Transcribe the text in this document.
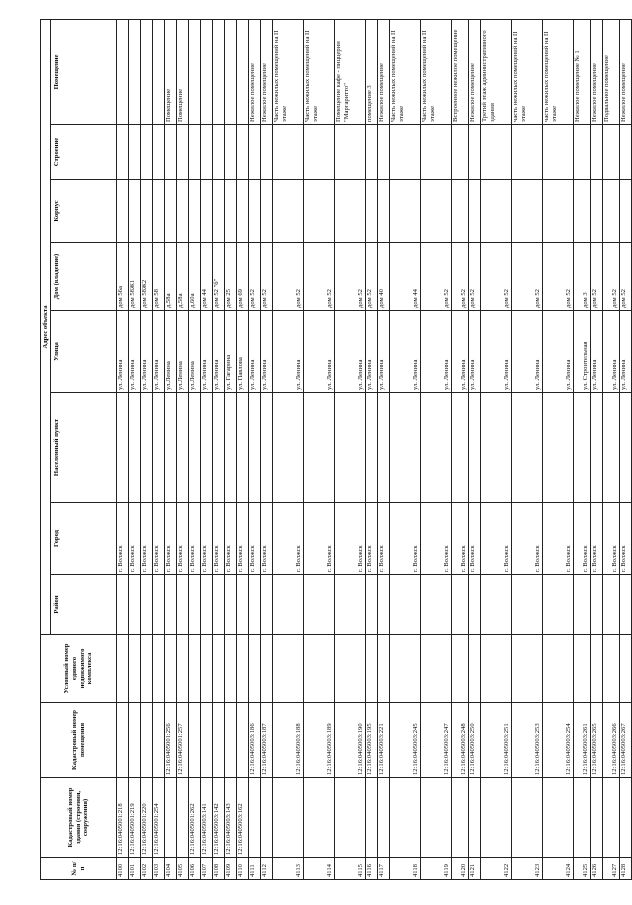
№ п/п	Кадастровый номер здания (строения, сооружения)	Кадастровый номер помещения	Условный номер единого недвижимого комплекса	Адрес объекта							
				Район	Город	Населенный пункт	Улица	Дом (владение)	Корпус	Строение	Помещение
4100	12:16:0405001:218				г. Волжск		ул. Ленина	дом 56а			
4101	12:16:0405001:219				г. Волжск		ул. Ленина	дом 58Ж1			
4102	12:16:0405001:220				г. Волжск		ул. Ленина	дом 58Ж2			
4103	12:16:0405001:254				г. Волжск		ул. Ленина	дом 58			
4104		12:16:0405001:256			г. Волжск		ул.Ленина	д.58а			Помещение
4105		12:16:0405001:257			г. Волжск		ул.Ленина	д.58а			Помещение
4106	12:16:0405001:262				г. Волжск		ул.Ленина	д.60а			
4107	12:16:0405003:141				г. Волжск		ул. Ленина	дом 44			
4108	12:16:0405003:142				г. Волжск		ул. Ленина	дом 52 "б"			
4109	12:16:0405003:143				г. Волжск		ул. Гагарина	дом 25			
4110	12:16:0405003:162				г. Волжск		ул. Павлова	дом 69			
4111		12:16:0405003:186			г. Волжск		ул. Ленина	дом 52			Нежилое помещение
4112		12:16:0405003:187			г. Волжск		ул. Ленина	дом 52			Нежилое помещение
4113		12:16:0405003:188			г. Волжск		ул. Ленина	дом 52			Часть нежилых помещений на II этаже
4114		12:16:0405003:189			г. Волжск		ул. Ленина	дом 52			Часть нежилых помещений на II этаже
4115		12:16:0405003:190			г. Волжск		ул. Ленина	дом 52			Помещение кафе - пиццерии "Маргаритто"
4116		12:16:0405003:195			г. Волжск		ул. Ленина	дом 52			помещение 3
4117		12:16:0405003:221			г. Волжск		ул. Ленина	дом 40			Нежилое помещение
4118		12:16:0405003:245			г. Волжск		ул. Ленина	дом 44			Часть нежилых помещений на II этаже
4119		12:16:0405003:247			г. Волжск		ул. Ленина	дом 52			Часть нежилых помещений на II этаже
4120		12:16:0405003:248			г. Волжск		ул. Ленина	дом 52			Встроенное нежилое помещение
4121		12:16:0405003:250			г. Волжск		ул. Ленина	дом 52			Нежилое помещение
4122		12:16:0405003:251			г. Волжск		ул. Ленина	дом 52			Третий этаж административного здания
4123		12:16:0405003:253			г. Волжск		ул. Ленина	дом 52			часть нежилых помещений на II этаже
4124		12:16:0405003:254			г. Волжск		ул. Ленина	дом 52			часть нежилых помещений на II этаже
4125		12:16:0405003:261			г. Волжск		ул. Строительная	дом 3			Нежилое помещение № 1
4126		12:16:0405003:265			г. Волжск		ул. Ленина	дом 52			Нежилое помещение
4127		12:16:0405003:266			г. Волжск		ул. Ленина	дом 52			Подвальное помещение
4128		12:16:0405003:267			г. Волжск		ул. Ленина	дом 52			Нежилое помещение
